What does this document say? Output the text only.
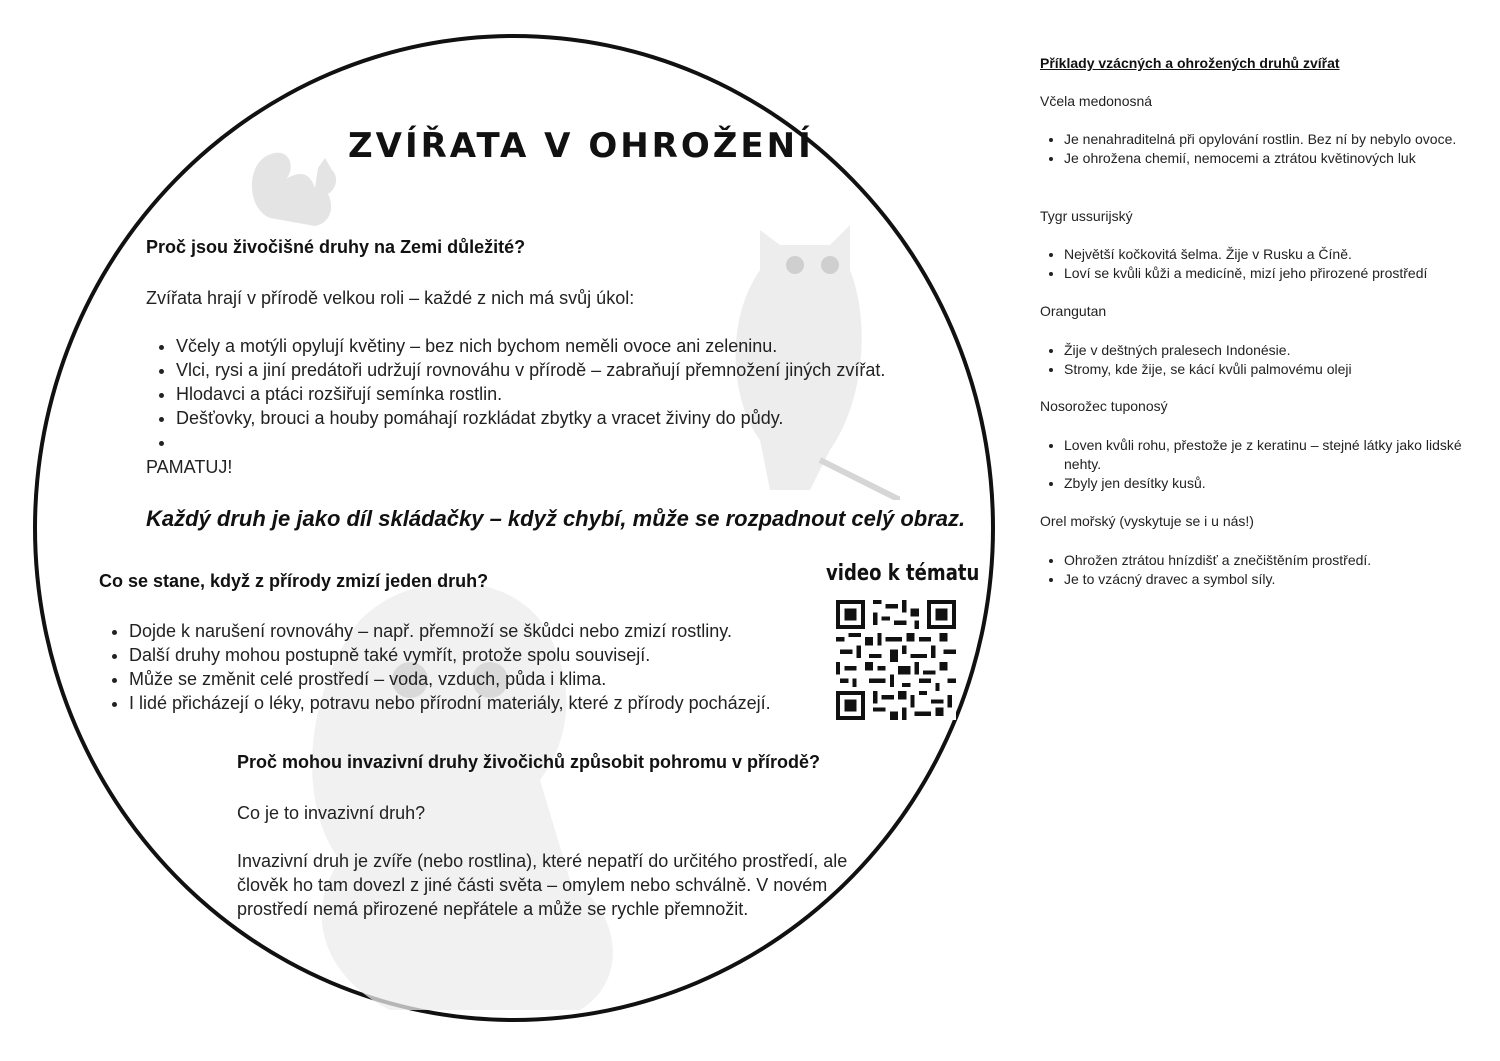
ZVÍŘATA V OHROŽENÍ
Proč jsou živočišné druhy na Zemi důležité?
Zvířata hrají v přírodě velkou roli – každé z nich má svůj úkol:
• Včely a motýli opylují květiny – bez nich bychom neměli ovoce ani zeleninu.
• Vlci, rysi a jiní predátoři udržují rovnováhu v přírodě – zabraňují přemnožení jiných zvířat.
• Hlodavci a ptáci rozšiřují semínka rostlin.
• Dešťovky, brouci a houby pomáhají rozkládat zbytky a vracet živiny do půdy.
•
PAMATUJ!
Každý druh je jako díl skládačky – když chybí, může se rozpadnout celý obraz.
Co se stane, když z přírody zmizí jeden druh?
• Dojde k narušení rovnováhy – např. přemnoží se škůdci nebo zmizí rostliny.
• Další druhy mohou postupně také vymřít, protože spolu souvisejí.
• Může se změnit celé prostředí – voda, vzduch, půda i klima.
• I lidé přicházejí o léky, potravu nebo přírodní materiály, které z přírody pocházejí.
video k tématu
Proč mohou invazivní druhy živočichů způsobit pohromu v přírodě?
Co je to invazivní druh?
Invazivní druh je zvíře (nebo rostlina), které nepatří do určitého prostředí, ale
člověk ho tam dovezl z jiné části světa – omylem nebo schválně. V novém
prostředí nemá přirozené nepřátele a může se rychle přemnožit.
Příklady vzácných a ohrožených druhů zvířat
Včela medonosná
• Je nenahraditelná při opylování rostlin. Bez ní by nebylo ovoce.
• Je ohrožena chemií, nemocemi a ztrátou květinových luk
Tygr ussurijský
• Největší kočkovitá šelma. Žije v Rusku a Číně.
• Loví se kvůli kůži a medicíně, mizí jeho přirozené prostředí
Orangutan
• Žije v deštných pralesech Indonésie.
• Stromy, kde žije, se kácí kvůli palmovému oleji
Nosorožec tuponosý
• Loven kvůli rohu, přestože je z keratinu – stejné látky jako lidské nehty.
• Zbyly jen desítky kusů.
Orel mořský (vyskytuje se i u nás!)
• Ohrožen ztrátou hnízdišť a znečištěním prostředí.
• Je to vzácný dravec a symbol síly.
